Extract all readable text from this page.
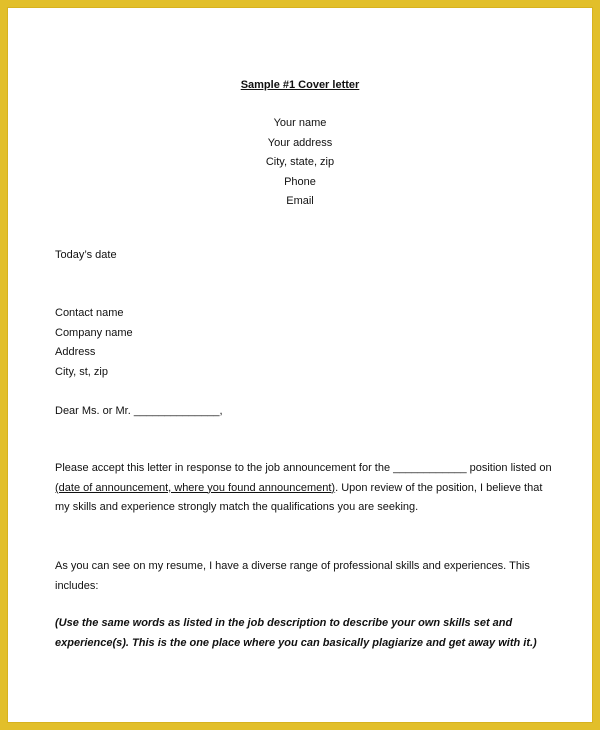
Sample #1 Cover letter
Your name
Your address
City, state, zip
Phone
Email
Today’s date
Contact name
Company name
Address
City, st, zip
Dear Ms. or Mr. ______________,
Please accept this letter in response to the job announcement for the ____________ position listed on (date of announcement, where you found announcement). Upon review of the position, I believe that my skills and experience strongly match the qualifications you are seeking.
As you can see on my resume, I have a diverse range of professional skills and experiences. This includes:
(Use the same words as listed in the job description to describe your own skills set and experience(s). This is the one place where you can basically plagiarize and get away with it.)
